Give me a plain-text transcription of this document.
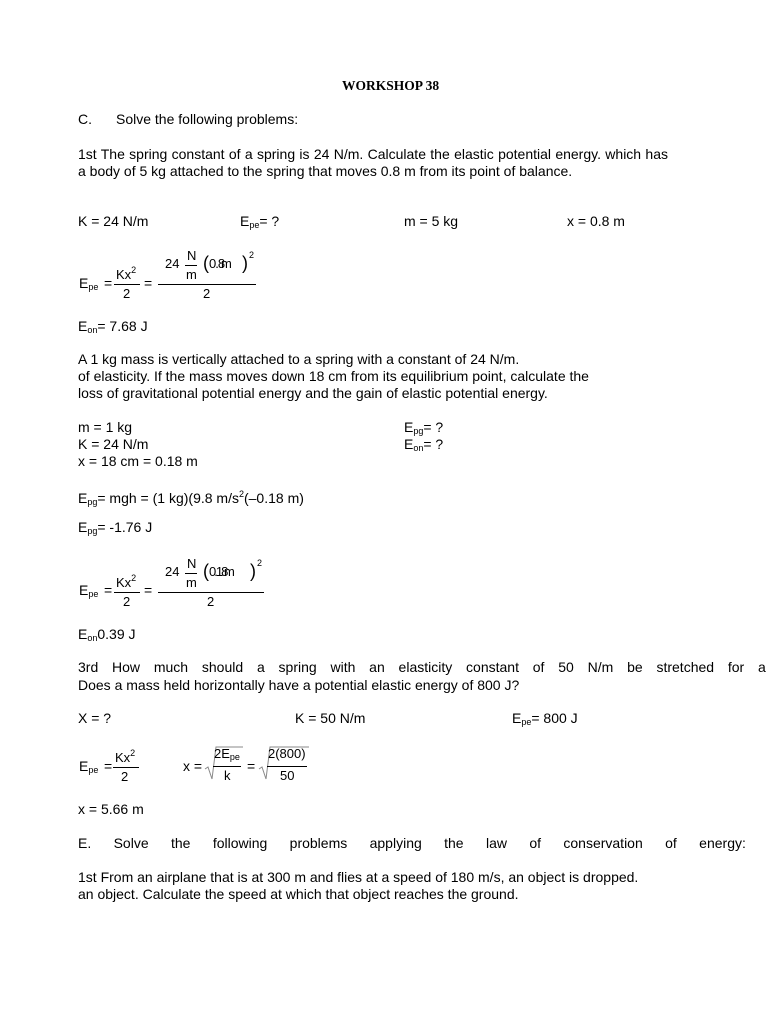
WORKSHOP 38
C. Solve the following problems:
1st The spring constant of a spring is 24 N/m. Calculate the elastic potential energy. which has a body of 5 kg attached to the spring that moves 0.8 m from its point of balance.
K = 24 N/m	$E_{pe}=$ ?	m = 5 kg	x = 0.8 m
$E_{pe}$ =
$Kx^2$
2
=
24
N
m
( 0.8
m ) 2
2
$E_{on}= 7.68$ J
A 1 kg mass is vertically attached to a spring with a constant of 24 N/m.
of elasticity. If the mass moves down 18 cm from its equilibrium point, calculate the
loss of gravitational potential energy and the gain of elastic potential energy.
m = 1 kg
K = 24 N/m
x = 18 cm = 0.18 m
$E_{pg}=$ ?
$E_{on}=$ ?
$E_{pg}=$ mgh = (1 kg)(9.8 $m/s^2(-0.18$ m)
$E_{pg}= -1.76$ J
$E_{pe} = Kx^2$
2
=
24
N
m
( 0.18
m ) 2
2
$E_{on}0.39$ J
3rd How much should a spring with an elasticity constant of 50 N/m be stretched for a
Does a mass held horizontally have a potential elastic energy of 800 J?
X = ?	K = 50 N/m	$E_{pe}= 800$ J
$E_{pe}$ =
$Kx^2$
2
x =
$2E_{pe}$
k
=
2(800)
50
x = 5.66 m
E. Solve the following problems applying the law of conservation of energy:
1st From an airplane that is at 300 m and flies at a speed of 180 m/s, an object is dropped.
an object. Calculate the speed at which that object reaches the ground.
